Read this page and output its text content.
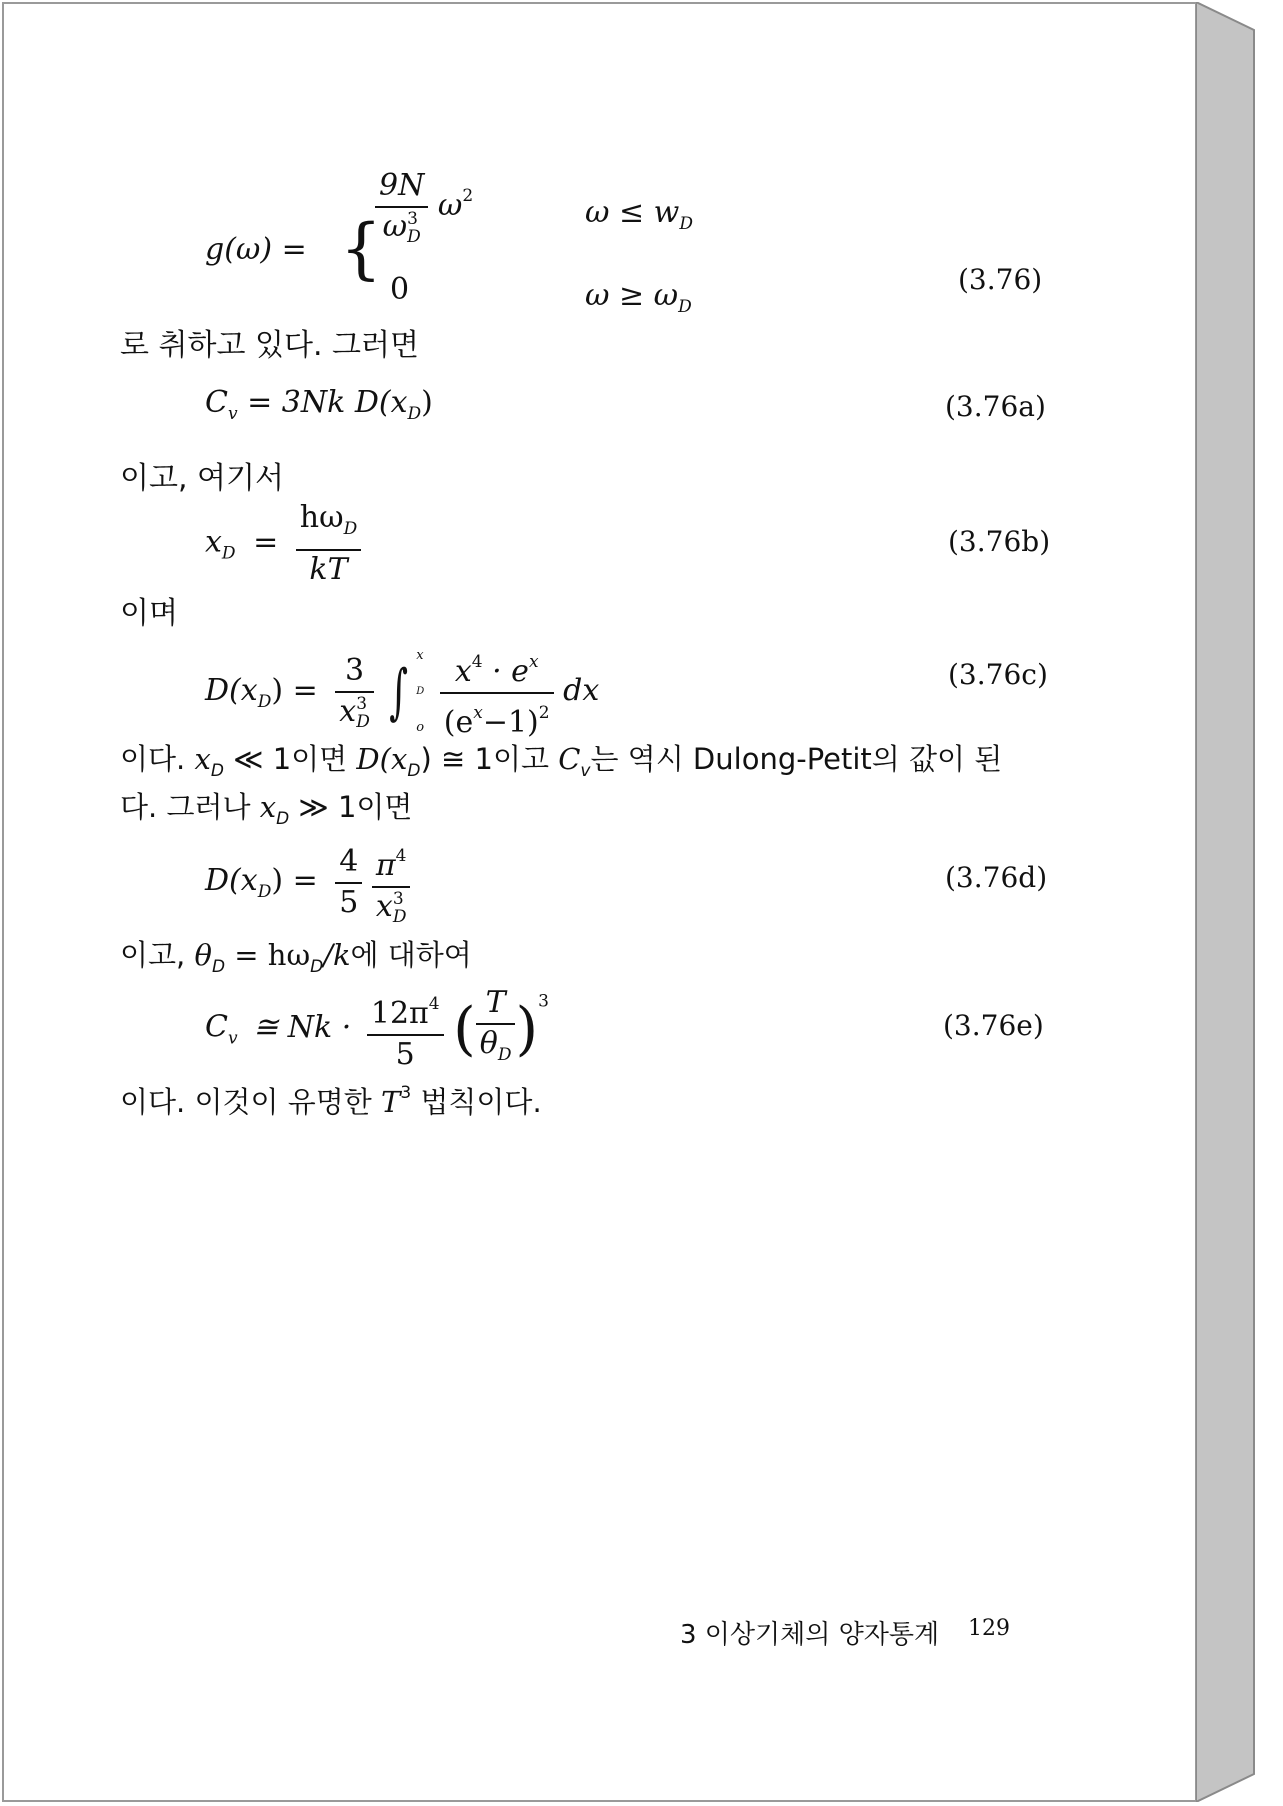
g(ω) = {
9N
ω 3
D $\omega^2$	$\omega \le w_D$
0	$\omega \ge \omega_D$
(3.76)
로 취하고 있다. 그러면
$C_v = 3Nk$ $D(x_D)$	(3.76a)
이고, 여기서
$x_D = \frac{h\omega_D}{kT}$	(3.76b)
이며
$D(x_D) = 3$
x 3
D ∫
x
D
o
$\frac{x^4 \cdot e^x}{(e^x-1)^2}$ dx	(3.76c)
이다. $x_D$ ≪ 1이면 $D(x_D)$ ≅ 1이고 $C_v$는 역시 Dulong-Petit의 값이 된
다. 그러나 $x_D$ ≫ 1이면
$D(x_D) = \frac{4}{5}$
$\pi^4$
x 3
D	(3.76d)
이고, $\theta_D = h\omega_D/k$에 대하여
$C_v$ ≅ $Nk \cdot \frac{12\pi^4}{5}$ ( $\frac{T}{\theta_D} )^3$
(3.76e)
이다. 이것이 유명한 $T^3$ 법칙이다.
3 이상기체의 양자통계 129
